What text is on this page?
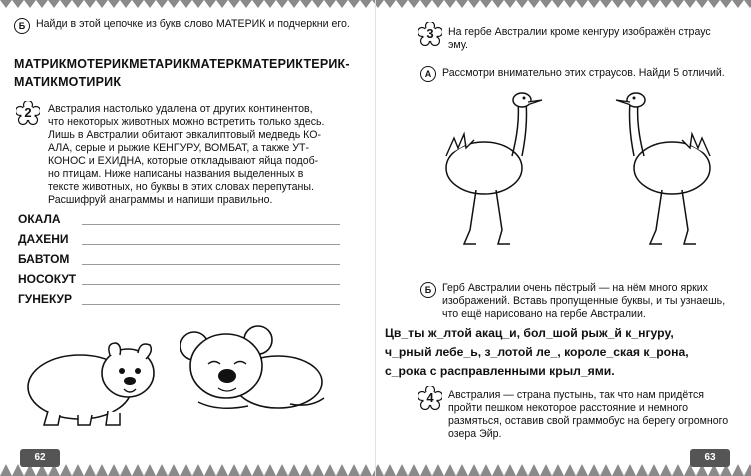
Б	Найди в этой цепочке из букв слово МАТЕРИК и подчеркни его.
МАТРИКМОТЕРИКМЕТАРИКМАТЕРКМАТЕРИКТЕРИК-
МАТИКМОТИРИК
2	Австралия настолько удалена от других континентов,
что некоторых животных можно встретить только здесь.
Лишь в Австралии обитают эвкалиптовый медведь КО-
АЛА, серые и рыжие КЕНГУРУ, ВОМБАТ, а также УТ-
КОНОС и ЕХИДНА, которые откладывают яйца подоб-
но птицам. Ниже написаны названия выделенных в
тексте животных, но буквы в этих словах перепутаны.
Расшифруй анаграммы и напиши правильно.
ОКАЛА
ДАХЕНИ
БАВТОМ
НОСОКУТ
ГУНЕКУР
62
3	На гербе Австралии кроме кенгуру изображён страус
эму.
А	Рассмотри внимательно этих страусов. Найди 5 отличий.
Б	Герб Австралии очень пёстрый — на нём много ярких
изображений. Вставь пропущенные буквы, и ты узнаешь,
что ещё нарисовано на гербе Австралии.
Цв_ты ж_лтой акац_и, бол_шой рыж_й к_нгуру,
ч_рный лебе_ь, з_лотой ле_, короле_ская к_рона,
с_рока с расправленными крыл_ями.
4	Австралия — страна пустынь, так что нам придётся
пройти пешком некоторое расстояние и немного
размяться, оставив свой граммобус на берегу огромного
озера Эйр.
63
